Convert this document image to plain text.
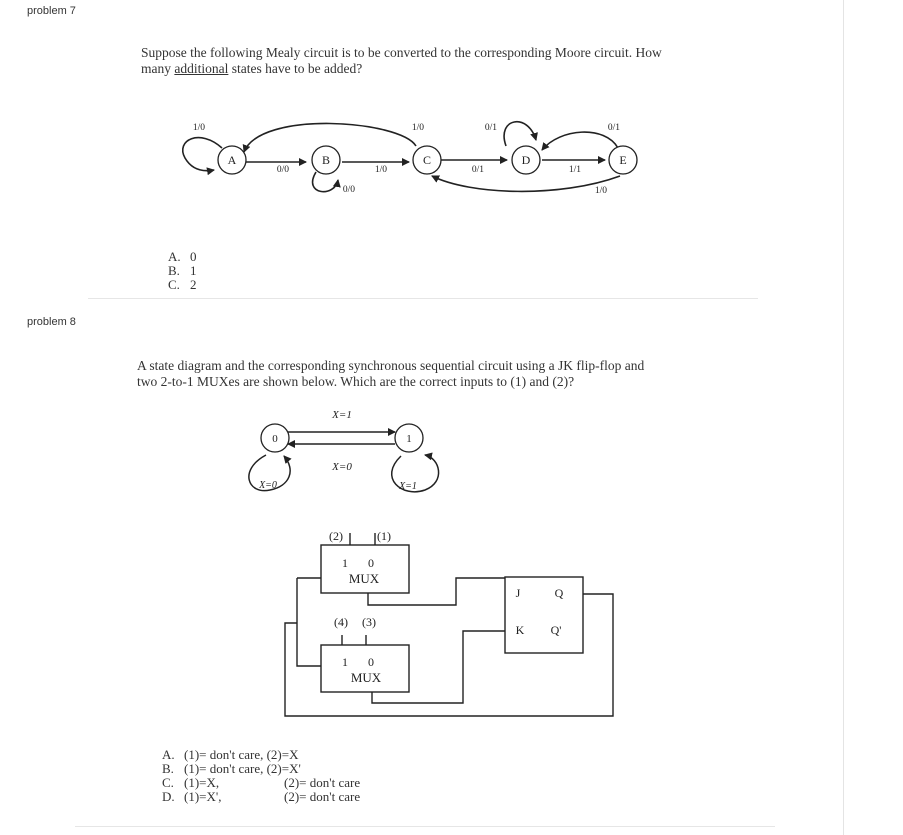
problem 7
Suppose the following Mealy circuit is to be converted to the corresponding Moore circuit. How
many additional states have to be added?
A	B	C	D	E
1/0
0/0
0/0
1/0
1/0
0/1
0/1
1/1
0/1
1/0
A. 0
B. 1
C. 2
problem 8
A state diagram and the corresponding synchronous sequential circuit using a JK flip-flop and
two 2-to-1 MUXes are shown below. Which are the correct inputs to (1) and (2)?
0	1
X=1
X=0
X=0	X=1
(2)	(1)
1 0
MUX
(4) (3)
1 0
MUX
J	Q
K Q'
A. (1)= don't care, (2)=X
B. (1)= don't care, (2)=X'
C. (1)=X,	(2)= don't care
D. (1)=X',	(2)= don't care
